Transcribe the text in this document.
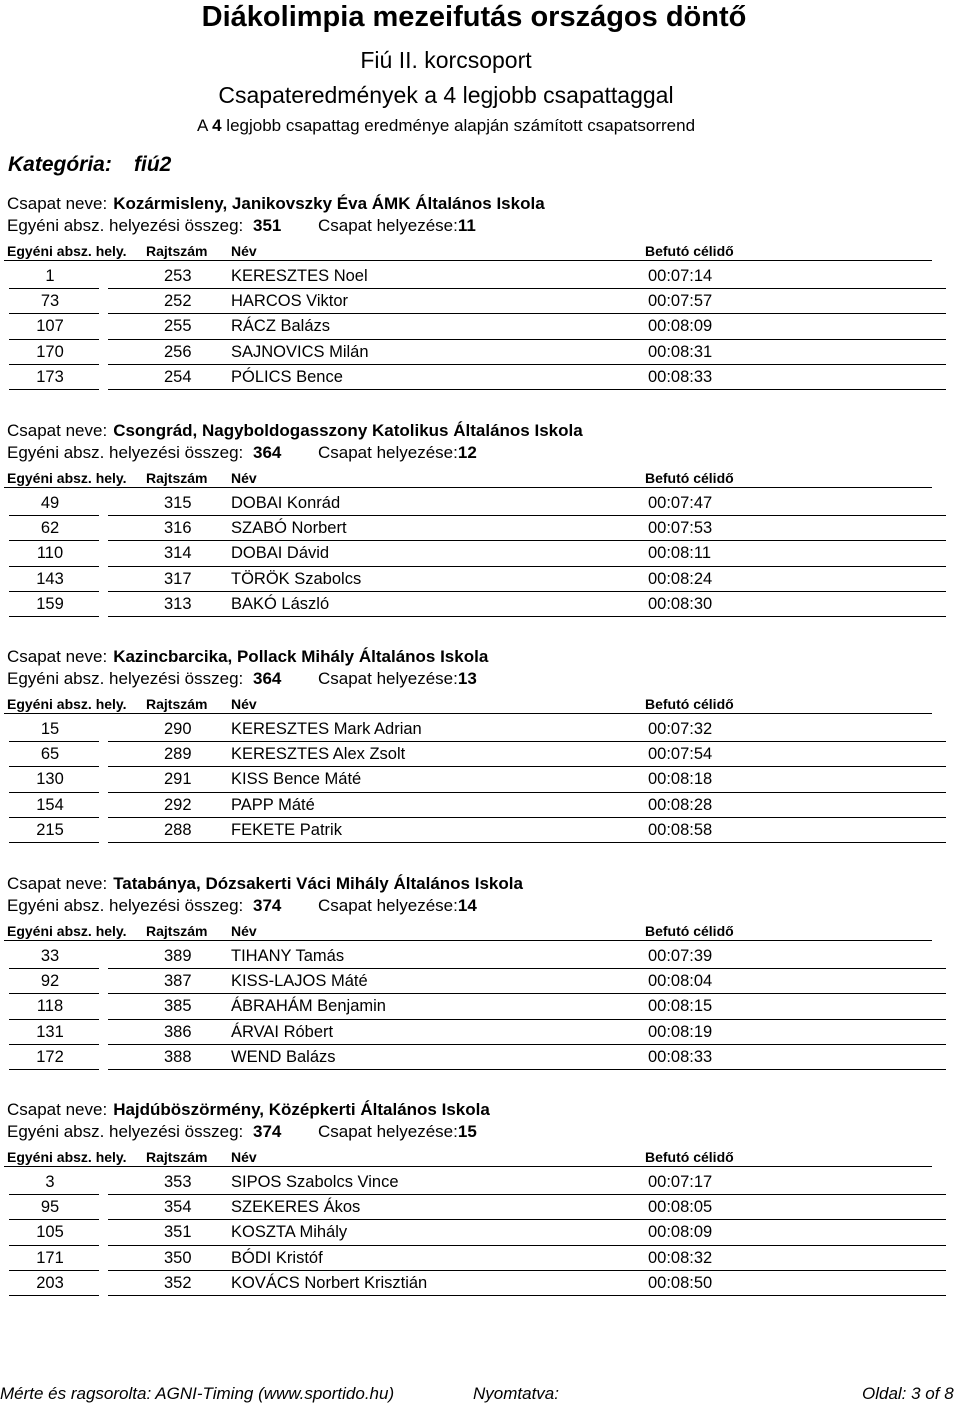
Diákolimpia mezeifutás országos döntő
Fiú II. korcsoport
Csapateredmények a 4 legjobb csapattaggal
A 4 legjobb csapattag eredménye alapján számított csapatsorrend
Kategória: fiú2
Csapat neve: Kozármisleny, Janikovszky Éva ÁMK Általános Iskola
Egyéni absz. helyezési összeg: 351 Csapat helyezése:11
Egyéni absz. hely. Rajtszám Név	Befutó célidő
1	253 KERESZTES Noel	00:07:14
73	252 HARCOS Viktor	00:07:57
107	255 RÁCZ Balázs	00:08:09
170	256 SAJNOVICS Milán	00:08:31
173	254 PÓLICS Bence	00:08:33
Csapat neve: Csongrád, Nagyboldogasszony Katolikus Általános Iskola
Egyéni absz. helyezési összeg: 364 Csapat helyezése:12
Egyéni absz. hely. Rajtszám Név	Befutó célidő
49	315 DOBAI Konrád	00:07:47
62	316 SZABÓ Norbert	00:07:53
110	314 DOBAI Dávid	00:08:11
143	317 TÖRÖK Szabolcs	00:08:24
159	313 BAKÓ László	00:08:30
Csapat neve: Kazincbarcika, Pollack Mihály Általános Iskola
Egyéni absz. helyezési összeg: 364 Csapat helyezése:13
Egyéni absz. hely. Rajtszám Név	Befutó célidő
15	290 KERESZTES Mark Adrian	00:07:32
65	289 KERESZTES Alex Zsolt	00:07:54
130	291 KISS Bence Máté	00:08:18
154	292 PAPP Máté	00:08:28
215	288 FEKETE Patrik	00:08:58
Csapat neve: Tatabánya, Dózsakerti Váci Mihály Általános Iskola
Egyéni absz. helyezési összeg: 374 Csapat helyezése:14
Egyéni absz. hely. Rajtszám Név	Befutó célidő
33	389 TIHANY Tamás	00:07:39
92	387 KISS-LAJOS Máté	00:08:04
118	385 ÁBRAHÁM Benjamin	00:08:15
131	386 ÁRVAI Róbert	00:08:19
172	388 WEND Balázs	00:08:33
Csapat neve: Hajdúböszörmény, Középkerti Általános Iskola
Egyéni absz. helyezési összeg: 374 Csapat helyezése:15
Egyéni absz. hely. Rajtszám Név	Befutó célidő
3	353 SIPOS Szabolcs Vince	00:07:17
95	354 SZEKERES Ákos	00:08:05
105	351 KOSZTA Mihály	00:08:09
171	350 BÓDI Kristóf	00:08:32
203	352 KOVÁCS Norbert Krisztián	00:08:50
Mérte és ragsorolta: AGNI-Timing (www.sportido.hu)	Nyomtatva:	Oldal: 3 of 8
